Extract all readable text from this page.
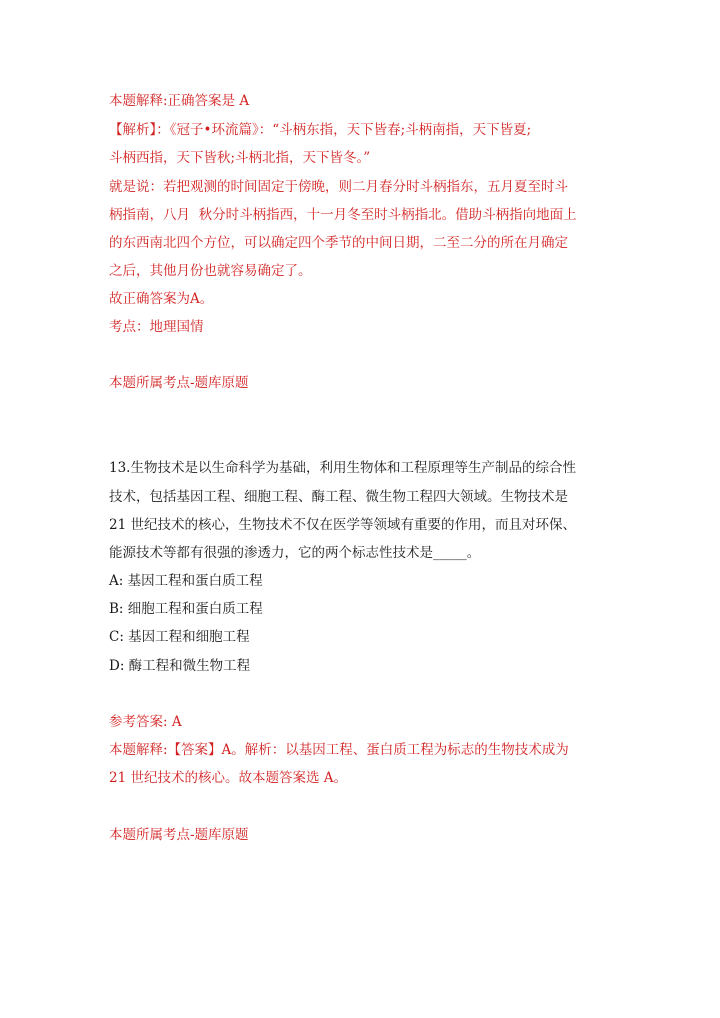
本题解释:正确答案是 A
【解析】：《冠子•环流篇》：“斗柄东指，天下皆春;斗柄南指，天下皆夏;
斗柄西指，天下皆秋;斗柄北指，天下皆冬。”
就是说：若把观测的时间固定于傍晚，则二月春分时斗柄指东，五月夏至时斗
柄指南，八月  秋分时斗柄指西，十一月冬至时斗柄指北。借助斗柄指向地面上
的东西南北四个方位，可以确定四个季节的中间日期，二至二分的所在月确定
之后，其他月份也就容易确定了。
故正确答案为A。
考点：地理国情
本题所属考点-题库原题
13.生物技术是以生命科学为基础，利用生物体和工程原理等生产制品的综合性
技术，包括基因工程、细胞工程、酶工程、微生物工程四大领域。生物技术是
21 世纪技术的核心，生物技术不仅在医学等领域有重要的作用，而且对环保、
能源技术等都有很强的渗透力，它的两个标志性技术是_____。
A: 基因工程和蛋白质工程
B: 细胞工程和蛋白质工程
C: 基因工程和细胞工程
D: 酶工程和微生物工程
参考答案: A
本题解释:【答案】A。解析：以基因工程、蛋白质工程为标志的生物技术成为
21 世纪技术的核心。故本题答案选 A。
本题所属考点-题库原题
